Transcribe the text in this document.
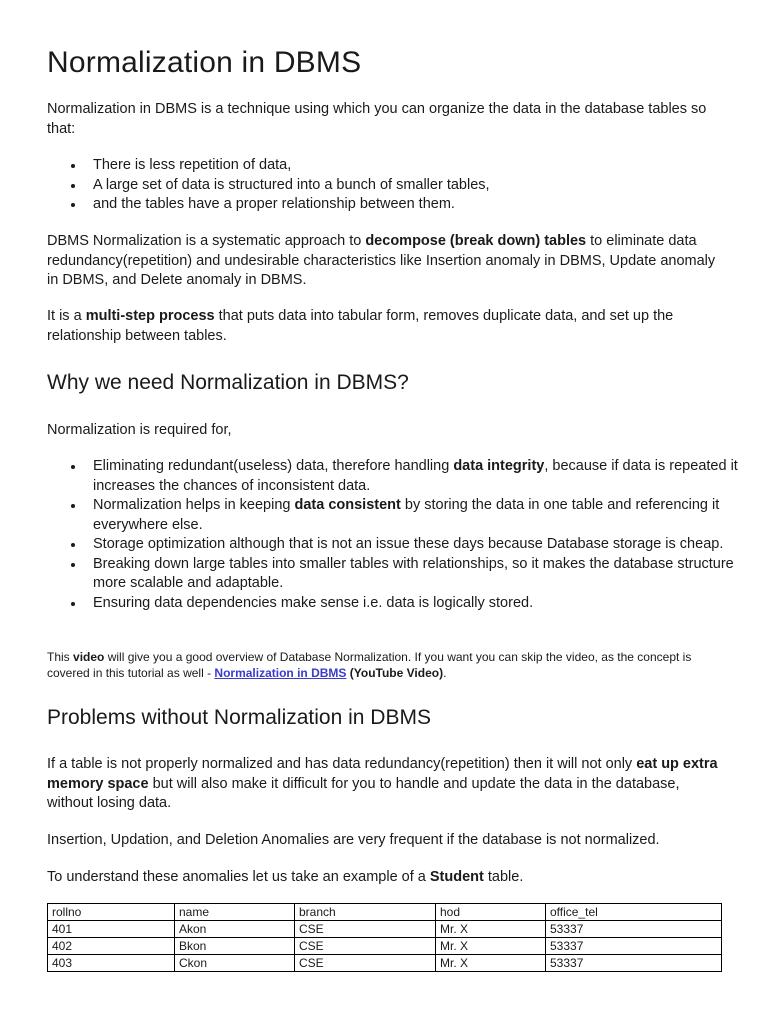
Normalization in DBMS

Normalization in DBMS is a technique using which you can organize the data in the database tables so that:

There is less repetition of data,
A large set of data is structured into a bunch of smaller tables,
and the tables have a proper relationship between them.

DBMS Normalization is a systematic approach to decompose (break down) tables to eliminate data redundancy(repetition) and undesirable characteristics like Insertion anomaly in DBMS, Update anomaly in DBMS, and Delete anomaly in DBMS.

It is a multi-step process that puts data into tabular form, removes duplicate data, and set up the relationship between tables.

Why we need Normalization in DBMS?

Normalization is required for,

Eliminating redundant(useless) data, therefore handling data integrity, because if data is repeated it increases the chances of inconsistent data.
Normalization helps in keeping data consistent by storing the data in one table and referencing it everywhere else.
Storage optimization although that is not an issue these days because Database storage is cheap.
Breaking down large tables into smaller tables with relationships, so it makes the database structure more scalable and adaptable.
Ensuring data dependencies make sense i.e. data is logically stored.

This video will give you a good overview of Database Normalization. If you want you can skip the video, as the concept is covered in this tutorial as well - Normalization in DBMS (YouTube Video).

Problems without Normalization in DBMS

If a table is not properly normalized and has data redundancy(repetition) then it will not only eat up extra memory space but will also make it difficult for you to handle and update the data in the database, without losing data.

Insertion, Updation, and Deletion Anomalies are very frequent if the database is not normalized.

To understand these anomalies let us take an example of a Student table.

rollno	name	branch	hod	office_tel
401	Akon	CSE	Mr. X	53337
402	Bkon	CSE	Mr. X	53337
403	Ckon	CSE	Mr. X	53337
